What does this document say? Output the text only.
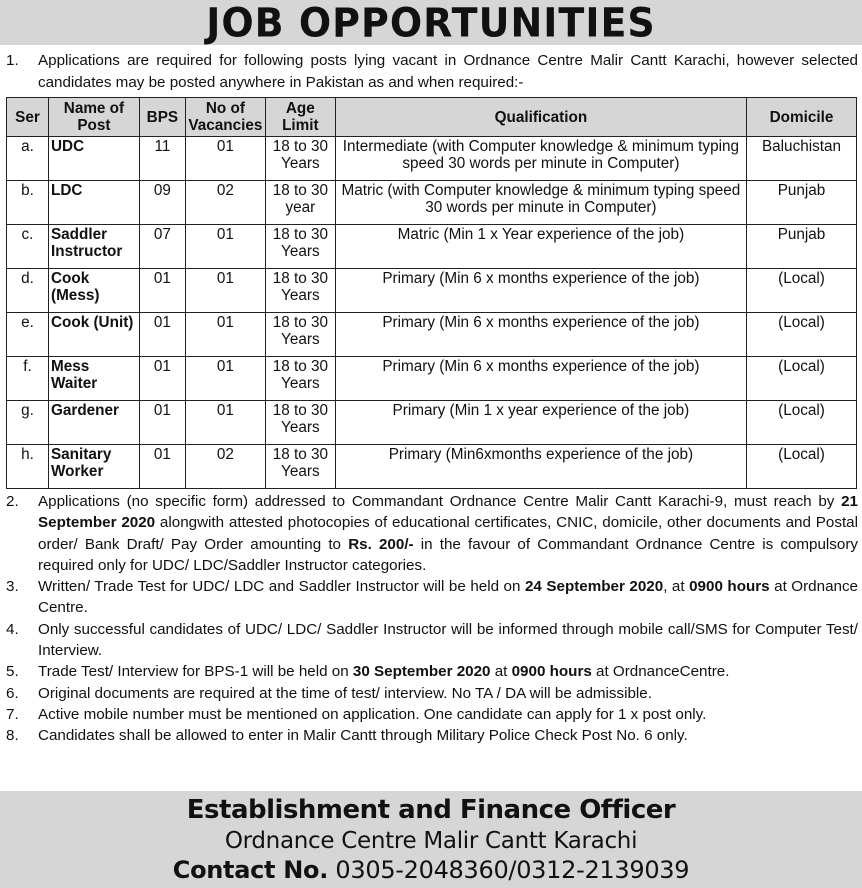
JOB OPPORTUNITIES
1. Applications are required for following posts lying vacant in Ordnance Centre Malir Cantt Karachi, however selected candidates may be posted anywhere in Pakistan as and when required:-
Ser	Name of Post	BPS	No of Vacancies	Age Limit	Qualification	Domicile
a.	UDC	11	01	18 to 30 Years	Intermediate (with Computer knowledge & minimum typing speed 30 words per minute in Computer)	Baluchistan
b.	LDC	09	02	18 to 30 year	Matric (with Computer knowledge & minimum typing speed 30 words per minute in Computer)	Punjab
c.	Saddler Instructor	07	01	18 to 30 Years	Matric (Min 1 x Year experience of the job)	Punjab
d.	Cook (Mess)	01	01	18 to 30 Years	Primary (Min 6 x months experience of the job)	(Local)
e.	Cook (Unit)	01	01	18 to 30 Years	Primary (Min 6 x months experience of the job)	(Local)
f.	Mess Waiter	01	01	18 to 30 Years	Primary (Min 6 x months experience of the job)	(Local)
g.	Gardener	01	01	18 to 30 Years	Primary (Min 1 x year experience of the job)	(Local)
h.	Sanitary Worker	01	02	18 to 30 Years	Primary (Min6xmonths experience of the job)	(Local)
2. Applications (no specific form) addressed to Commandant Ordnance Centre Malir Cantt Karachi-9, must reach by 21 September 2020 alongwith attested photocopies of educational certificates, CNIC, domicile, other documents and Postal order/ Bank Draft/ Pay Order amounting to Rs. 200/- in the favour of Commandant Ordnance Centre is compulsory required only for UDC/ LDC/Saddler Instructor categories.
3. Written/ Trade Test for UDC/ LDC and Saddler Instructor will be held on 24 September 2020, at 0900 hours at Ordnance Centre.
4. Only successful candidates of UDC/ LDC/ Saddler Instructor will be informed through mobile call/SMS for Computer Test/ Interview.
5. Trade Test/ Interview for BPS-1 will be held on 30 September 2020 at 0900 hours at OrdnanceCentre.
6. Original documents are required at the time of test/ interview. No TA / DA will be admissible.
7. Active mobile number must be mentioned on application. One candidate can apply for 1 x post only.
8. Candidates shall be allowed to enter in Malir Cantt through Military Police Check Post No. 6 only.
Establishment and Finance Officer
Ordnance Centre Malir Cantt Karachi
Contact No. 0305-2048360/0312-2139039
